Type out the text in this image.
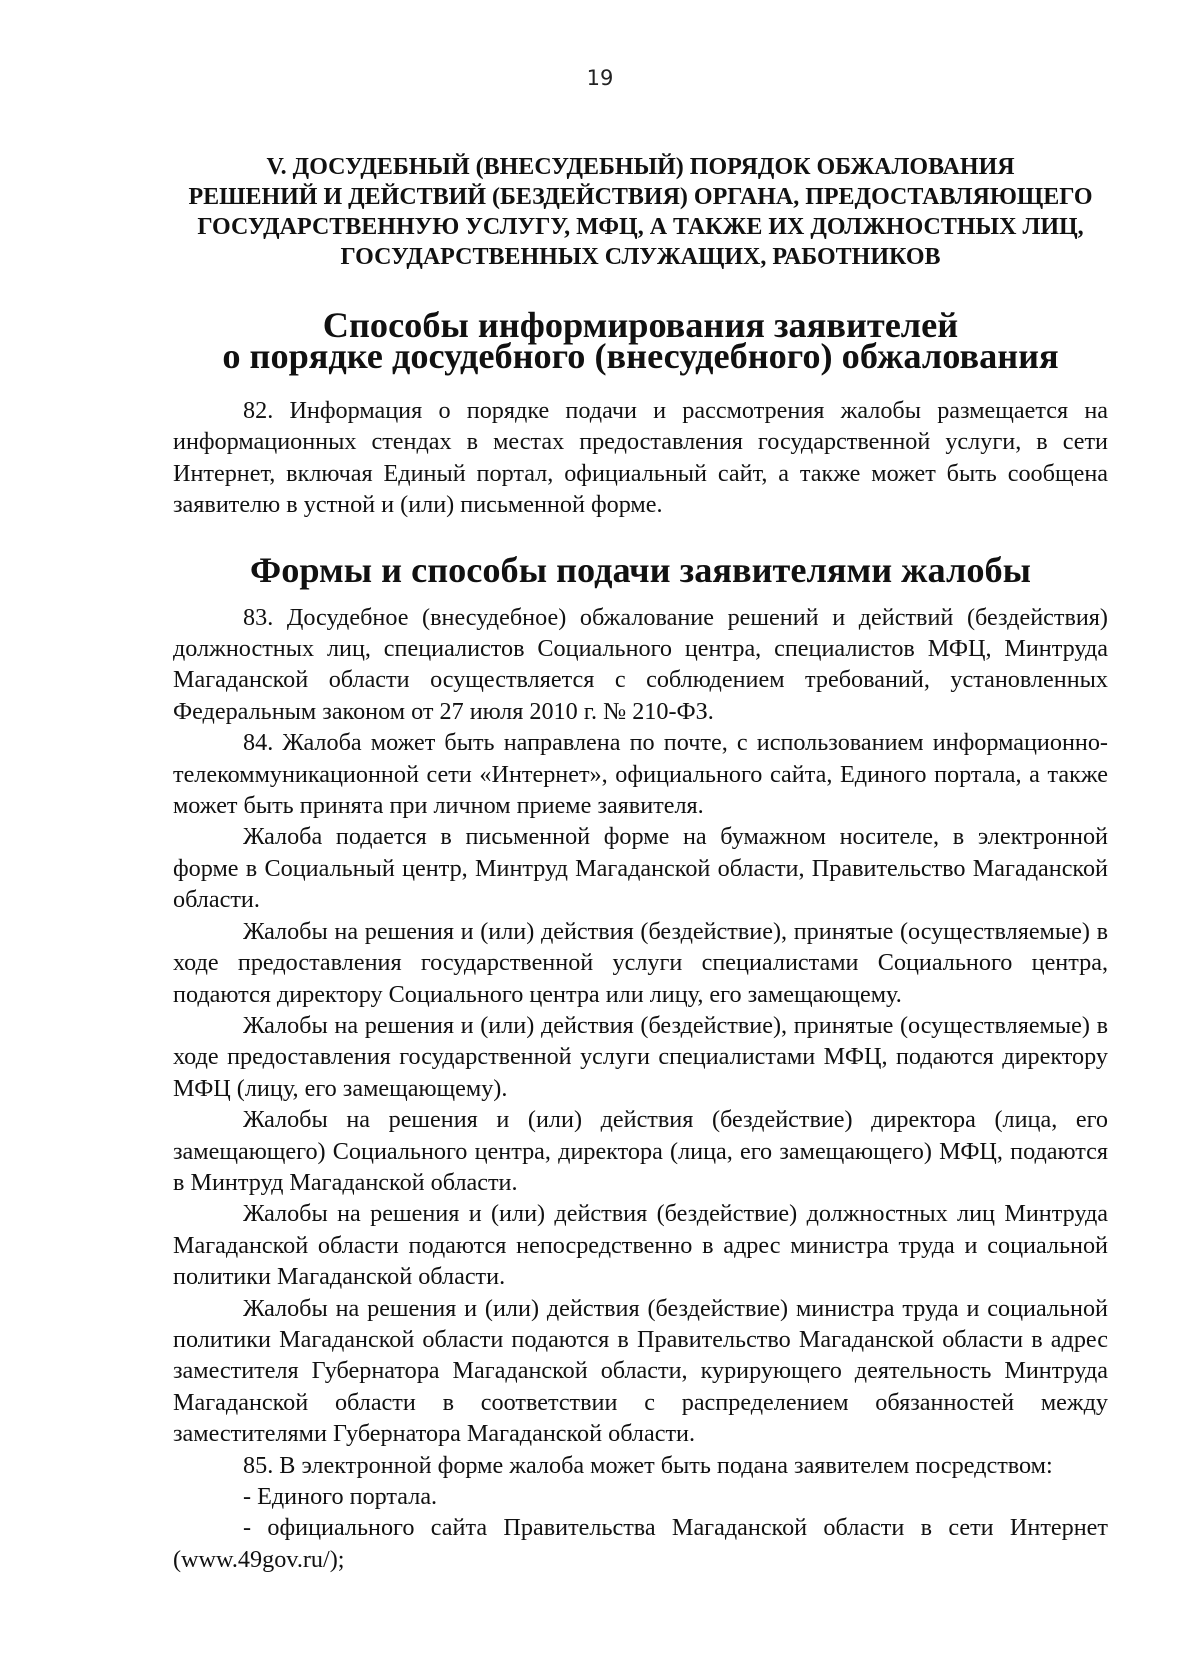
19
V. ДОСУДЕБНЫЙ (ВНЕСУДЕБНЫЙ) ПОРЯДОК ОБЖАЛОВАНИЯ
РЕШЕНИЙ И ДЕЙСТВИЙ (БЕЗДЕЙСТВИЯ) ОРГАНА, ПРЕДОСТАВЛЯЮЩЕГО
ГОСУДАРСТВЕННУЮ УСЛУГУ, МФЦ, А ТАКЖЕ ИХ ДОЛЖНОСТНЫХ ЛИЦ,
ГОСУДАРСТВЕННЫХ СЛУЖАЩИХ, РАБОТНИКОВ
Способы информирования заявителей
о порядке досудебного (внесудебного) обжалования

82. Информация о порядке подачи и рассмотрения жалобы размещается на информационных стендах в местах предоставления государственной услуги, в сети Интернет, включая Единый портал, официальный сайт, а также может быть сообщена заявителю в устной и (или) письменной форме.

Формы и способы подачи заявителями жалобы

83. Досудебное (внесудебное) обжалование решений и действий (бездействия) должностных лиц, специалистов Социального центра, специалистов МФЦ, Минтруда Магаданской области осуществляется с соблюдением требований, установленных Федеральным законом от 27 июля 2010 г. № 210-ФЗ.

84. Жалоба может быть направлена по почте, с использованием информационно-телекоммуникационной сети «Интернет», официального сайта, Единого портала, а также может быть принята при личном приеме заявителя.

Жалоба подается в письменной форме на бумажном носителе, в электронной форме в Социальный центр, Минтруд Магаданской области, Правительство Магаданской области.

Жалобы на решения и (или) действия (бездействие), принятые (осуществляемые) в ходе предоставления государственной услуги специалистами Социального центра, подаются директору Социального центра или лицу, его замещающему.

Жалобы на решения и (или) действия (бездействие), принятые (осуществляемые) в ходе предоставления государственной услуги специалистами МФЦ, подаются директору МФЦ (лицу, его замещающему).

Жалобы на решения и (или) действия (бездействие) директора (лица, его замещающего) Социального центра, директора (лица, его замещающего) МФЦ, подаются в Минтруд Магаданской области.

Жалобы на решения и (или) действия (бездействие) должностных лиц Минтруда Магаданской области подаются непосредственно в адрес министра труда и социальной политики Магаданской области.

Жалобы на решения и (или) действия (бездействие) министра труда и социальной политики Магаданской области подаются в Правительство Магаданской области в адрес заместителя Губернатора Магаданской области, курирующего деятельность Минтруда Магаданской области в соответствии с распределением обязанностей между заместителями Губернатора Магаданской области.

85. В электронной форме жалоба может быть подана заявителем посредством:

- Единого портала.

- официального сайта Правительства Магаданской области в сети Интернет (www.49gov.ru/);
